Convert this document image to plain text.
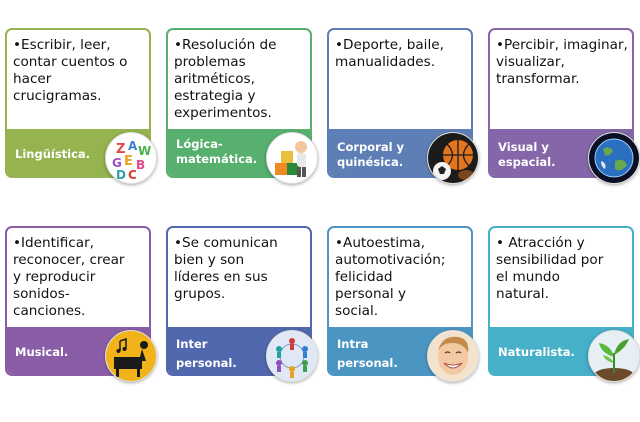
•Escribir, leer,
contar cuentos o
hacer
crucigramas.
Lingüística.	Z A W
G E B
D C
•Resolución de
problemas
aritméticos,
estrategia y
experimentos.
Lógica-
matemática.
•Deporte, baile,
manualidades.
Corporal y
quinésica.
•Percibir, imaginar,
visualizar,
transformar.
Visual y
espacial.
•Identificar,
reconocer, crear
y reproducir
sonidos-
canciones.
Musical.
•Se comunican
bien y son
líderes en sus
grupos.
Inter
personal.
•Autoestima,
automotivación;
felicidad
personal y
social.
Intra
personal.
• Atracción y
sensibilidad por
el mundo
natural.
Naturalista.
